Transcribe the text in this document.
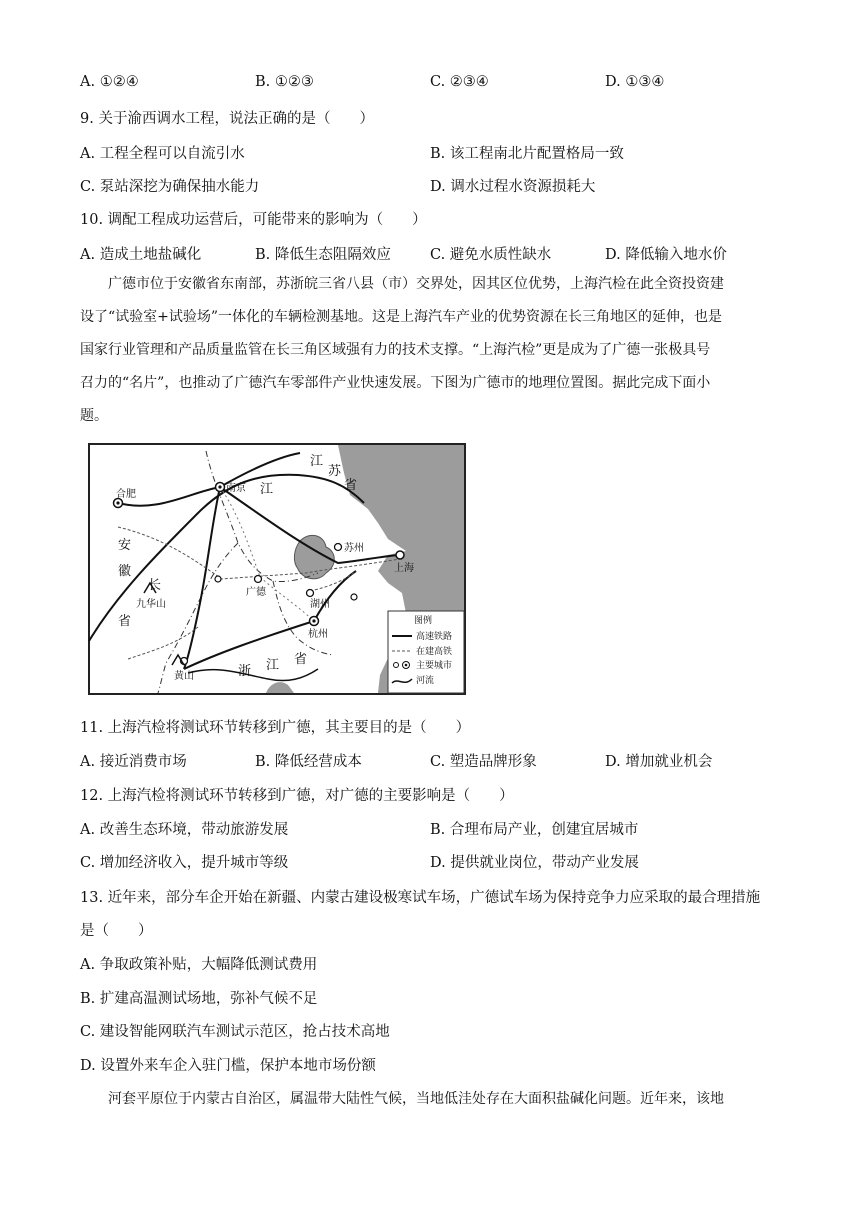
A. ①②④	B. ①②③	C. ②③④	D. ①③④
9. 关于渝西调水工程，说法正确的是（　　）
A. 工程全程可以自流引水	B. 该工程南北片配置格局一致
C. 泵站深挖为确保抽水能力	D. 调水过程水资源损耗大
10. 调配工程成功运营后，可能带来的影响为（　　）
A. 造成土地盐碱化	B. 降低生态阻隔效应	C. 避免水质性缺水	D. 降低输入地水价

广德市位于安徽省东南部，苏浙皖三省八县（市）交界处，因其区位优势，上海汽检在此全资投资建

设了“试验室+试验场”一体化的车辆检测基地。这是上海汽车产业的优势资源在长三角地区的延伸，也是

国家行业管理和产品质量监管在长三角区域强有力的技术支撑。“上海汽检”更是成为了广德一张极具号

召力的“名片”，也推动了广德汽车零部件产业快速发展。下图为广德市的地理位置图。据此完成下面小

题。

江
苏
省
安
徽
省
浙 江 省
长
江
合肥
南京
苏州
上海
广德
湖州
杭州
黄山
九华山
图例
高速铁路
在建高铁
主要城市
河流
11. 上海汽检将测试环节转移到广德，其主要目的是（　　）
A. 接近消费市场	B. 降低经营成本	C. 塑造品牌形象	D. 增加就业机会
12. 上海汽检将测试环节转移到广德，对广德的主要影响是（　　）
A. 改善生态环境，带动旅游发展	B. 合理布局产业，创建宜居城市
C. 增加经济收入，提升城市等级	D. 提供就业岗位，带动产业发展
13. 近年来，部分车企开始在新疆、内蒙古建设极寒试车场，广德试车场为保持竞争力应采取的最合理措施
是（　　）
A. 争取政策补贴，大幅降低测试费用
B. 扩建高温测试场地，弥补气候不足
C. 建设智能网联汽车测试示范区，抢占技术高地
D. 设置外来车企入驻门槛，保护本地市场份额
河套平原位于内蒙古自治区，属温带大陆性气候，当地低洼处存在大面积盐碱化问题。近年来，该地
